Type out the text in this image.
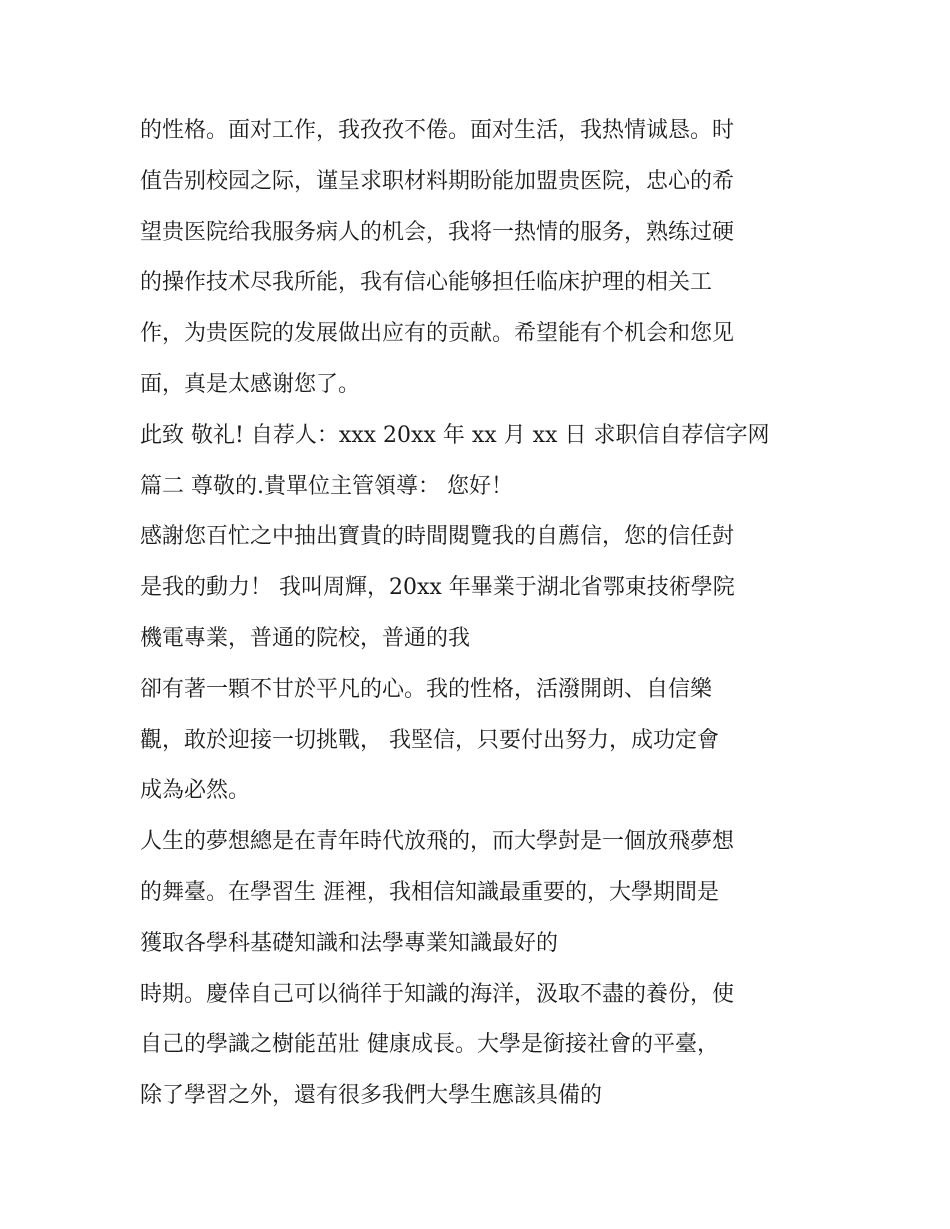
的性格。面对工作，我孜孜不倦。面对生活，我热情诚恳。时
值告别校园之际，谨呈求职材料期盼能加盟贵医院，忠心的希
望贵医院给我服务病人的机会，我将一热情的服务，熟练过硬
的操作技术尽我所能，我有信心能够担任临床护理的相关工
作，为贵医院的发展做出应有的贡献。希望能有个机会和您见
面，真是太感谢您了。
此致 敬礼! 自荐人：xxx 20xx 年 xx 月 xx 日 求职信自荐信字网
篇二 尊敬的.貴單位主管領導： 您好！
感謝您百忙之中抽出寶貴的時間閱覽我的自薦信，您的信任尌
是我的動力！ 我叫周輝，20xx 年畢業于湖北省鄂東技術學院
機電專業，普通的院校，普通的我
卻有著一顆不甘於平凡的心。我的性格，活潑開朗、自信樂
觀，敢於迎接一切挑戰， 我堅信，只要付出努力，成功定會
成為必然。
人生的夢想總是在青年時代放飛的，而大學尌是一個放飛夢想
的舞臺。在學習生 涯裡，我相信知識最重要的，大學期間是
獲取各學科基礎知識和法學專業知識最好的
時期。慶倖自己可以徜徉于知識的海洋，汲取不盡的養份，使
自己的學識之樹能茁壯 健康成長。大學是銜接社會的平臺，
除了學習之外，還有很多我們大學生應該具備的
